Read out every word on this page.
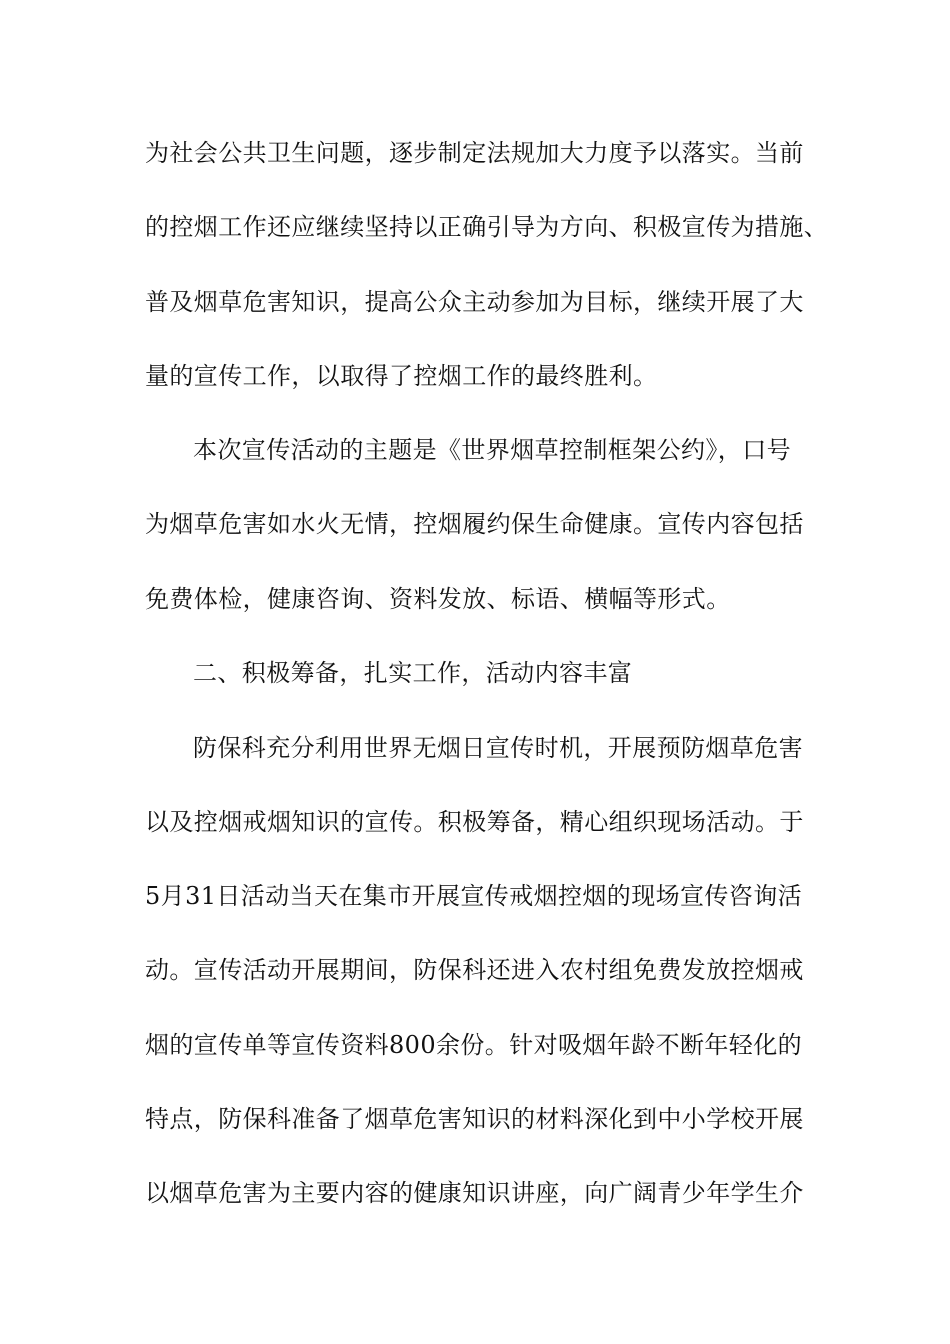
为社会公共卫生问题，逐步制定法规加大力度予以落实。当前
的控烟工作还应继续坚持以正确引导为方向、积极宣传为措施、
普及烟草危害知识，提高公众主动参加为目标，继续开展了大
量的宣传工作，以取得了控烟工作的最终胜利。
本次宣传活动的主题是《世界烟草控制框架公约》，口号
为烟草危害如水火无情，控烟履约保生命健康。宣传内容包括
免费体检，健康咨询、资料发放、标语、横幅等形式。
二、积极筹备，扎实工作，活动内容丰富
防保科充分利用世界无烟日宣传时机，开展预防烟草危害
以及控烟戒烟知识的宣传。积极筹备，精心组织现场活动。于
5月31日活动当天在集市开展宣传戒烟控烟的现场宣传咨询活
动。宣传活动开展期间，防保科还进入农村组免费发放控烟戒
烟的宣传单等宣传资料800余份。针对吸烟年龄不断年轻化的
特点，防保科准备了烟草危害知识的材料深化到中小学校开展
以烟草危害为主要内容的健康知识讲座，向广阔青少年学生介
